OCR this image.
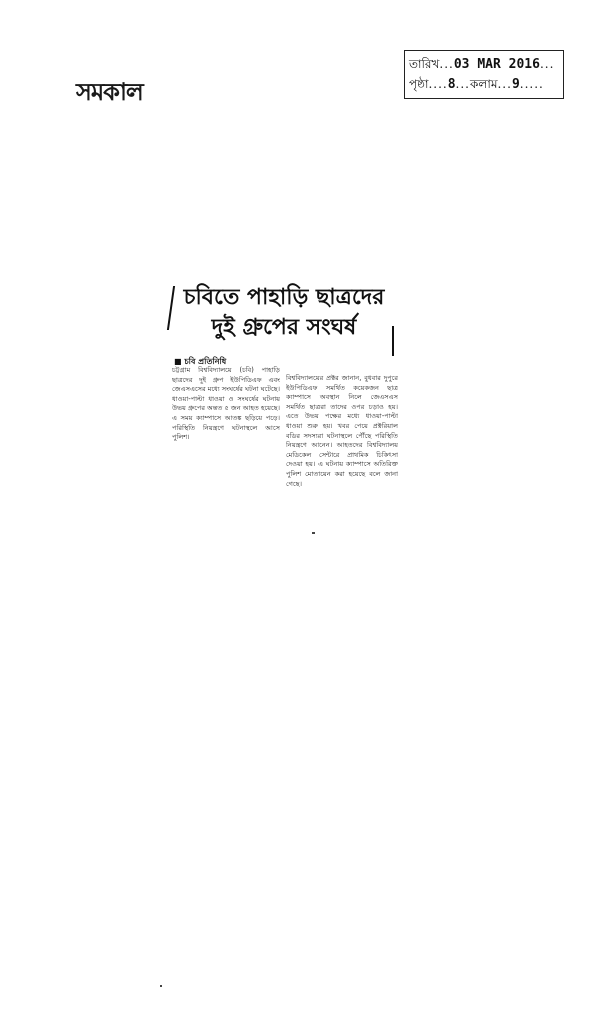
সমকাল
তারিখ...03 MAR 2016...
পৃষ্ঠা....8...কলাম...9.....
চবিতে পাহাড়ি ছাত্রদের
দুই গ্রুপের সংঘর্ষ
■ চবি প্রতিনিধি
চট্টগ্রাম বিশ্ববিদ্যালয়ে (চবি) পাহাড়ি ছাত্রদের দুই গ্রুপ ইউপিডিএফ এবং জেএসএসের মধ্যে সংঘর্ষের ঘটনা ঘটেছে। ধাওয়া-পাল্টা ধাওয়া ও সংঘর্ষের ঘটনায় উভয় গ্রুপের অন্তত ৫ জন আহত হয়েছে। এ সময় ক্যাম্পাসে আতঙ্ক ছড়িয়ে পড়ে। পরিস্থিতি নিয়ন্ত্রণে ঘটনাস্থলে আসে পুলিশ।
বিশ্ববিদ্যালয়ের প্রক্টর জানান, বুধবার দুপুরে ইউপিডিএফ সমর্থিত কয়েকজন ছাত্র ক্যাম্পাসে অবস্থান নিলে জেএসএস সমর্থিত ছাত্ররা তাদের ওপর চড়াও হয়। এতে উভয় পক্ষের মধ্যে ধাওয়া-পাল্টা ধাওয়া শুরু হয়। খবর পেয়ে প্রক্টরিয়াল বডির সদস্যরা ঘটনাস্থলে পৌঁছে পরিস্থিতি নিয়ন্ত্রণে আনেন। আহতদের বিশ্ববিদ্যালয় মেডিকেল সেন্টারে প্রাথমিক চিকিৎসা দেওয়া হয়। এ ঘটনায় ক্যাম্পাসে অতিরিক্ত পুলিশ মোতায়েন করা হয়েছে বলে জানা গেছে।
